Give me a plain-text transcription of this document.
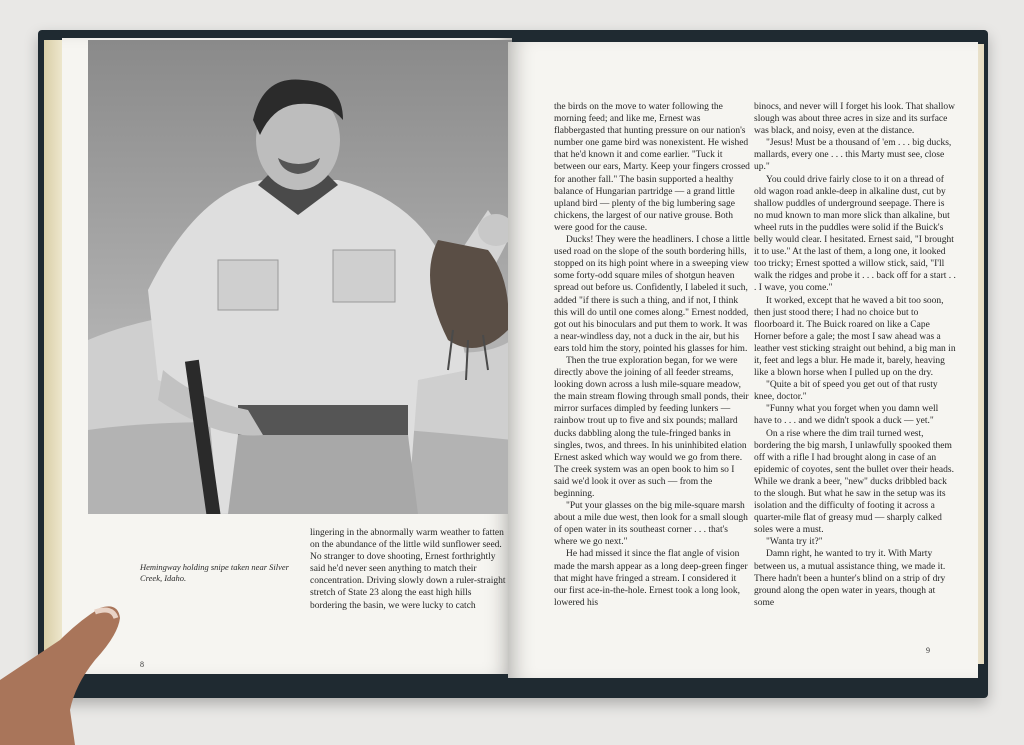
Hemingway holding snipe taken near Silver Creek, Idaho.

lingering in the abnormally warm weather to fatten on the abundance of the little wild sunflower seed. No stranger to dove shooting, Ernest forthrightly said he'd never seen anything to match their concentration. Driving slowly down a ruler-straight stretch of State 23 along the east high hills bordering the basin, we were lucky to catch

8

the birds on the move to water following the morning feed; and like me, Ernest was flabbergasted that hunting pressure on our nation's number one game bird was nonexistent. He wished that he'd known it and come earlier. "Tuck it between our ears, Marty. Keep your fingers crossed for another fall." The basin supported a healthy balance of Hungarian partridge — a grand little upland bird — plenty of the big lumbering sage chickens, the largest of our native grouse. Both were good for the cause.

Ducks! They were the headliners. I chose a little used road on the slope of the south bordering hills, stopped on its high point where in a sweeping view some forty-odd square miles of shotgun heaven spread out before us. Confidently, I labeled it such, added "if there is such a thing, and if not, I think this will do until one comes along." Ernest nodded, got out his binoculars and put them to work. It was a near-windless day, not a duck in the air, but his ears told him the story, pointed his glasses for him.

Then the true exploration began, for we were directly above the joining of all feeder streams, looking down across a lush mile-square meadow, the main stream flowing through small ponds, their mirror surfaces dimpled by feeding lunkers — rainbow trout up to five and six pounds; mallard ducks dabbling along the tule-fringed banks in singles, twos, and threes. In his uninhibited elation Ernest asked which way would we go from there. The creek system was an open book to him so I said we'd look it over as such — from the beginning.

"Put your glasses on the big mile-square marsh about a mile due west, then look for a small slough of open water in its southeast corner . . . that's where we go next."

He had missed it since the flat angle of vision made the marsh appear as a long deep-green finger that might have fringed a stream. I considered it our first ace-in-the-hole. Ernest took a long look, lowered his

binocs, and never will I forget his look. That shallow slough was about three acres in size and its surface was black, and noisy, even at the distance.

"Jesus! Must be a thousand of 'em . . . big ducks, mallards, every one . . . this Marty must see, close up."

You could drive fairly close to it on a thread of old wagon road ankle-deep in alkaline dust, cut by shallow puddles of underground seepage. There is no mud known to man more slick than alkaline, but wheel ruts in the puddles were solid if the Buick's belly would clear. I hesitated. Ernest said, "I brought it to use." At the last of them, a long one, it looked too tricky; Ernest spotted a willow stick, said, "I'll walk the ridges and probe it . . . back off for a start . . . I wave, you come."

It worked, except that he waved a bit too soon, then just stood there; I had no choice but to floorboard it. The Buick roared on like a Cape Horner before a gale; the most I saw ahead was a leather vest sticking straight out behind, a big man in it, feet and legs a blur. He made it, barely, heaving like a blown horse when I pulled up on the dry.

"Quite a bit of speed you get out of that rusty knee, doctor."

"Funny what you forget when you damn well have to . . . and we didn't spook a duck — yet."

On a rise where the dim trail turned west, bordering the big marsh, I unlawfully spooked them off with a rifle I had brought along in case of an epidemic of coyotes, sent the bullet over their heads. While we drank a beer, "new" ducks dribbled back to the slough. But what he saw in the setup was its isolation and the difficulty of footing it across a quarter-mile flat of greasy mud — sharply calked soles were a must.

"Wanta try it?"

Damn right, he wanted to try it. With Marty between us, a mutual assistance thing, we made it. There hadn't been a hunter's blind on a strip of dry ground along the open water in years, though at some

9
